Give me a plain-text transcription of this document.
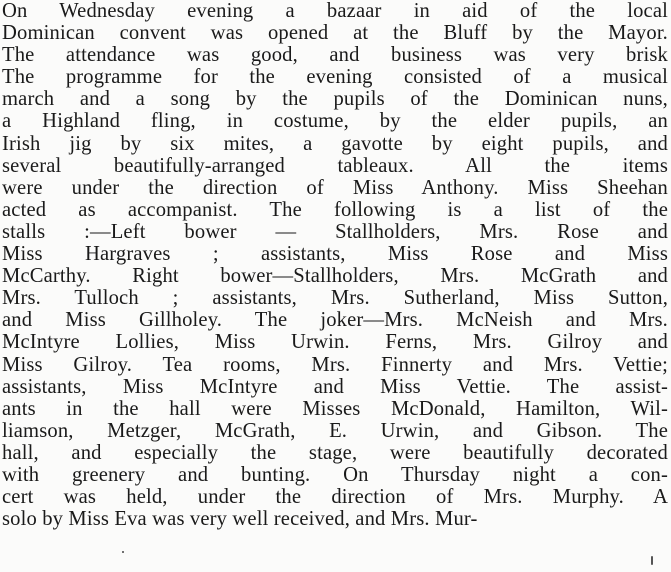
On Wednesday evening a bazaar in aid of the local
Dominican convent was opened at the Bluff by the Mayor.
The attendance was good, and business was very brisk
The programme for the evening consisted of a musical
march and a song by the pupils of the Dominican nuns,
a Highland fling, in costume, by the elder pupils, an
Irish jig by six mites, a gavotte by eight pupils, and
several beautifully-arranged tableaux. All the items
were under the direction of Miss Anthony. Miss Sheehan
acted as accompanist. The following is a list of the
stalls :—Left bower — Stallholders, Mrs. Rose and
Miss Hargraves ; assistants, Miss Rose and Miss
McCarthy. Right bower—Stallholders, Mrs. McGrath and
Mrs. Tulloch ; assistants, Mrs. Sutherland, Miss Sutton,
and Miss Gillholey. The joker—Mrs. McNeish and Mrs.
McIntyre Lollies, Miss Urwin. Ferns, Mrs. Gilroy and
Miss Gilroy. Tea rooms, Mrs. Finnerty and Mrs. Vettie;
assistants, Miss McIntyre and Miss Vettie. The assist-
ants in the hall were Misses McDonald, Hamilton, Wil-
liamson, Metzger, McGrath, E. Urwin, and Gibson. The
hall, and especially the stage, were beautifully decorated
with greenery and bunting. On Thursday night a con-
cert was held, under the direction of Mrs. Murphy. A
solo by Miss Eva was very well received, and Mrs. Mur-
